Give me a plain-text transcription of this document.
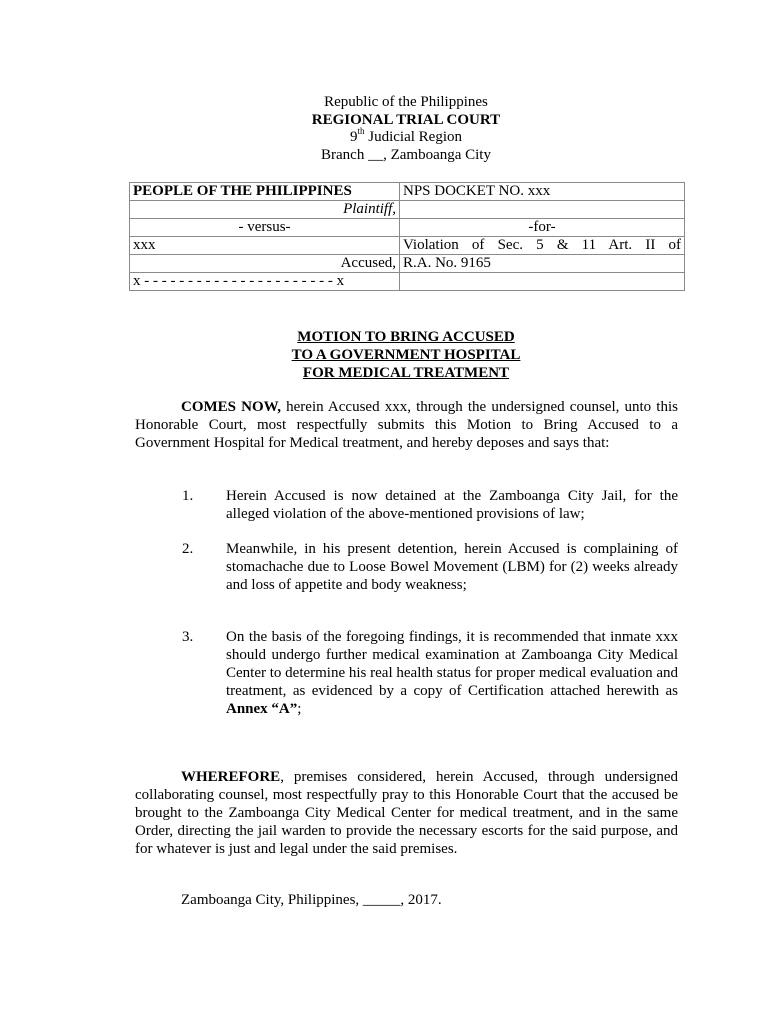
Republic of the Philippines
REGIONAL TRIAL COURT
9th Judicial Region
Branch __, Zamboanga City
PEOPLE OF THE PHILIPPINES	NPS DOCKET NO. xxx
Plaintiff,	
- versus-	-for-
xxx	Violation of Sec. 5 & 11 Art. II of
Accused,	R.A. No. 9165
x - - - - - - - - - - - - - - - - - - - - - - x	
MOTION TO BRING ACCUSED
TO A GOVERNMENT HOSPITAL
FOR MEDICAL TREATMENT
COMES NOW, herein Accused xxx, through the undersigned counsel, unto this Honorable Court, most respectfully submits this Motion to Bring Accused to a Government Hospital for Medical treatment, and hereby deposes and says that:
1. Herein Accused is now detained at the Zamboanga City Jail, for the alleged violation of the above-mentioned provisions of law;
2. Meanwhile, in his present detention, herein Accused is complaining of stomachache due to Loose Bowel Movement (LBM) for (2) weeks already and loss of appetite and body weakness;
3. On the basis of the foregoing findings, it is recommended that inmate xxx should undergo further medical examination at Zamboanga City Medical Center to determine his real health status for proper medical evaluation and treatment, as evidenced by a copy of Certification attached herewith as Annex “A”;
WHEREFORE, premises considered, herein Accused, through undersigned collaborating counsel, most respectfully pray to this Honorable Court that the accused be brought to the Zamboanga City Medical Center for medical treatment, and in the same Order, directing the jail warden to provide the necessary escorts for the said purpose, and for whatever is just and legal under the said premises.
Zamboanga City, Philippines, _____, 2017.
